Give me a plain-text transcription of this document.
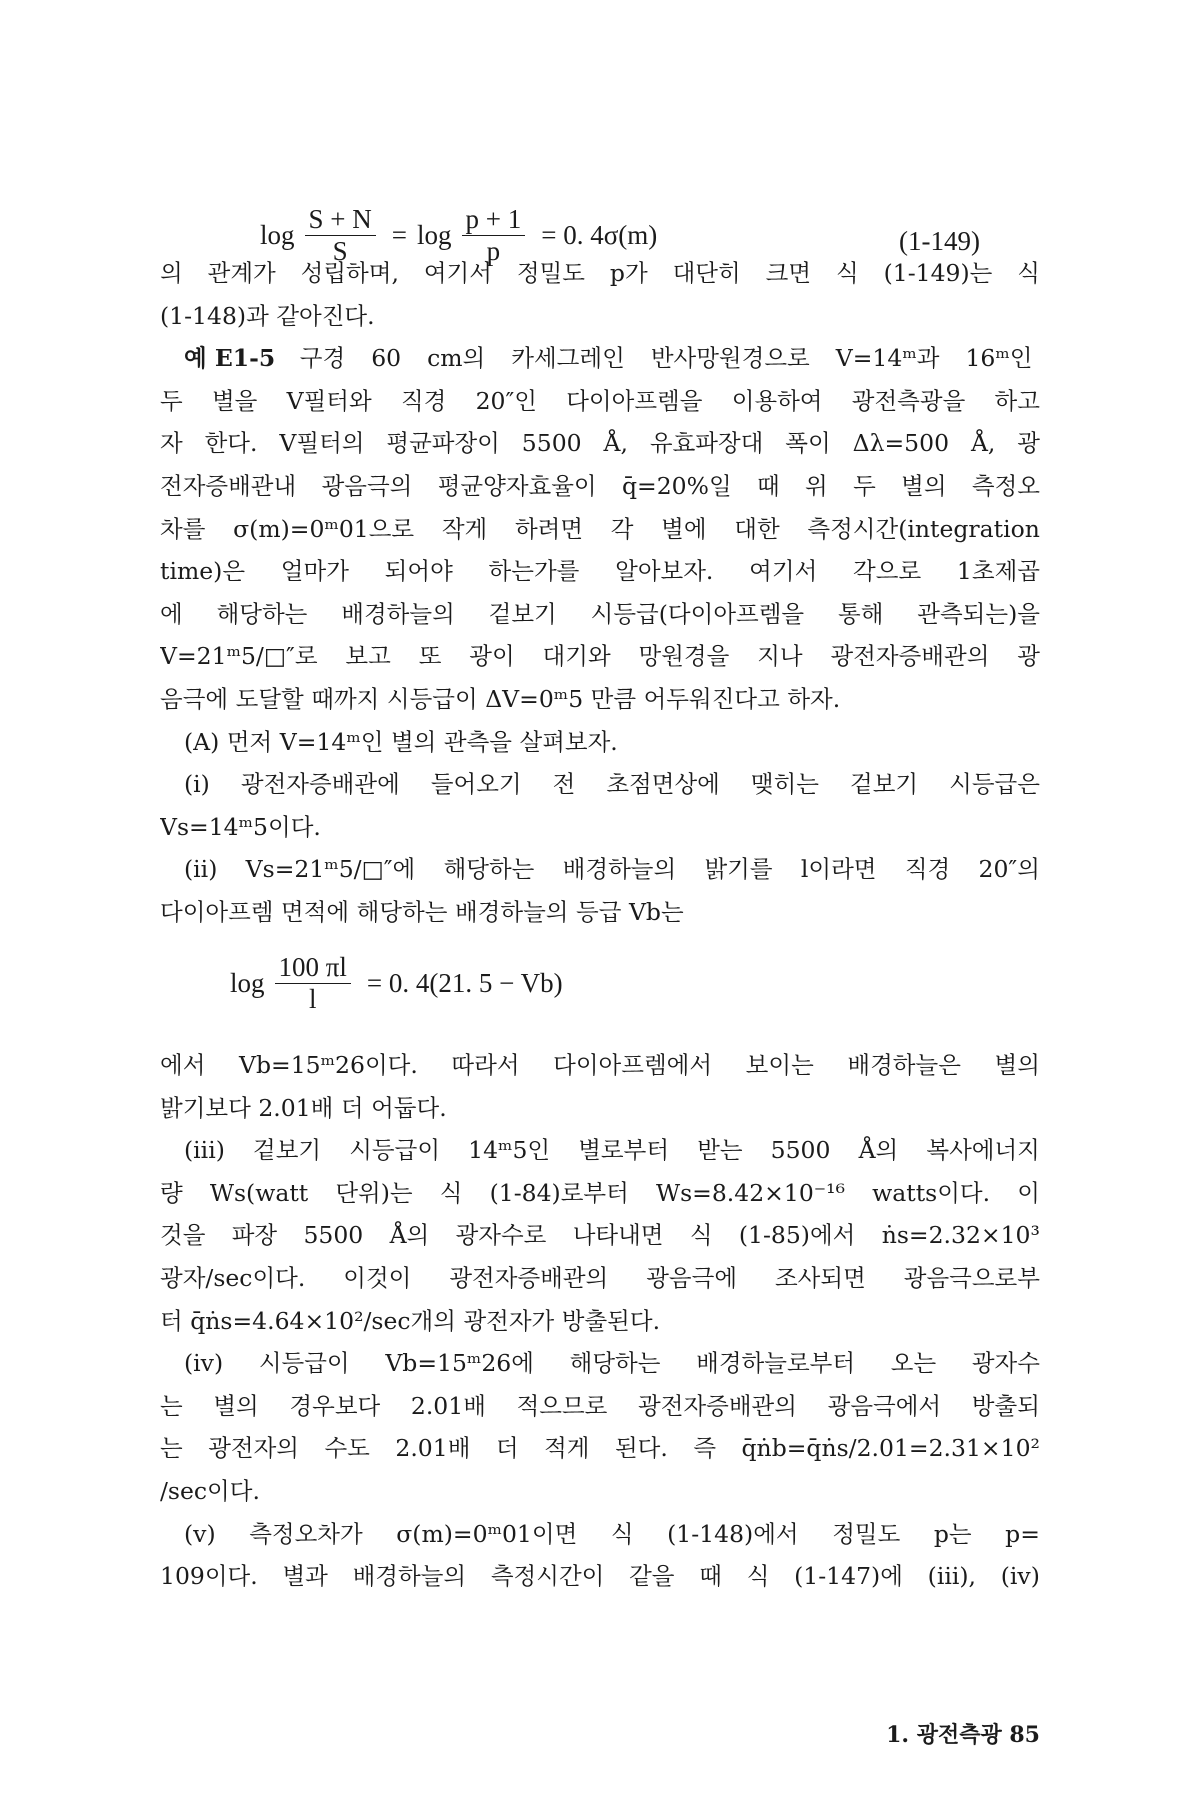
$\log \frac{S + N}{S} = \log \frac{p + 1}{p} = 0$. 4σ(m)	(1-149)
의 관계가 성립하며, 여기서 정밀도 p가 대단히 크면 식 (1-149)는 식
(1-148)과 같아진다.
예 E1-5 구경 60 cm의 카세그레인 반사망원경으로 V=14ᵐ과 16ᵐ인
두 별을 V필터와 직경 20″인 다이아프렘을 이용하여 광전측광을 하고
자 한다. V필터의 평균파장이 5500 Å, 유효파장대 폭이 Δλ=500 Å, 광
전자증배관내 광음극의 평균양자효율이 q̄=20%일 때 위 두 별의 측정오
차를 σ(m)=0ᵐ01으로 작게 하려면 각 별에 대한 측정시간(integration
time)은 얼마가 되어야 하는가를 알아보자. 여기서 각으로 1초제곱
에 해당하는 배경하늘의 겉보기 시등급(다이아프렘을 통해 관측되는)을
V=21ᵐ5/□″로 보고 또 광이 대기와 망원경을 지나 광전자증배관의 광
음극에 도달할 때까지 시등급이 ΔV=0ᵐ5 만큼 어두워진다고 하자.
(A) 먼저 V=14ᵐ인 별의 관측을 살펴보자.
(i) 광전자증배관에 들어오기 전 초점면상에 맺히는 겉보기 시등급은
Vs=14ᵐ5이다.
(ii) Vs=21ᵐ5/□″에 해당하는 배경하늘의 밝기를 l이라면 직경 20″의
다이아프렘 면적에 해당하는 배경하늘의 등급 Vb는
$\log \frac{100 \pi l}{l} = 0$. 4(21. 5 − Vb)
에서 Vb=15ᵐ26이다. 따라서 다이아프렘에서 보이는 배경하늘은 별의
밝기보다 2.01배 더 어둡다.
(iii) 겉보기 시등급이 14ᵐ5인 별로부터 받는 5500 Å의 복사에너지
량 Ws(watt 단위)는 식 (1-84)로부터 Ws=8.42×10⁻¹⁶ watts이다. 이
것을 파장 5500 Å의 광자수로 나타내면 식 (1-85)에서 ṅs=2.32×10³
광자/sec이다. 이것이 광전자증배관의 광음극에 조사되면 광음극으로부
터 q̄ṅs=4.64×10²/sec개의 광전자가 방출된다.
(iv) 시등급이 Vb=15ᵐ26에 해당하는 배경하늘로부터 오는 광자수
는 별의 경우보다 2.01배 적으므로 광전자증배관의 광음극에서 방출되
는 광전자의 수도 2.01배 더 적게 된다. 즉 q̄ṅb=q̄ṅs/2.01=2.31×10²
/sec이다.
(v) 측정오차가 σ(m)=0ᵐ01이면 식 (1-148)에서 정밀도 p는 p=
109이다. 별과 배경하늘의 측정시간이 같을 때 식 (1-147)에 (iii), (iv)
1. 광전측광 85
